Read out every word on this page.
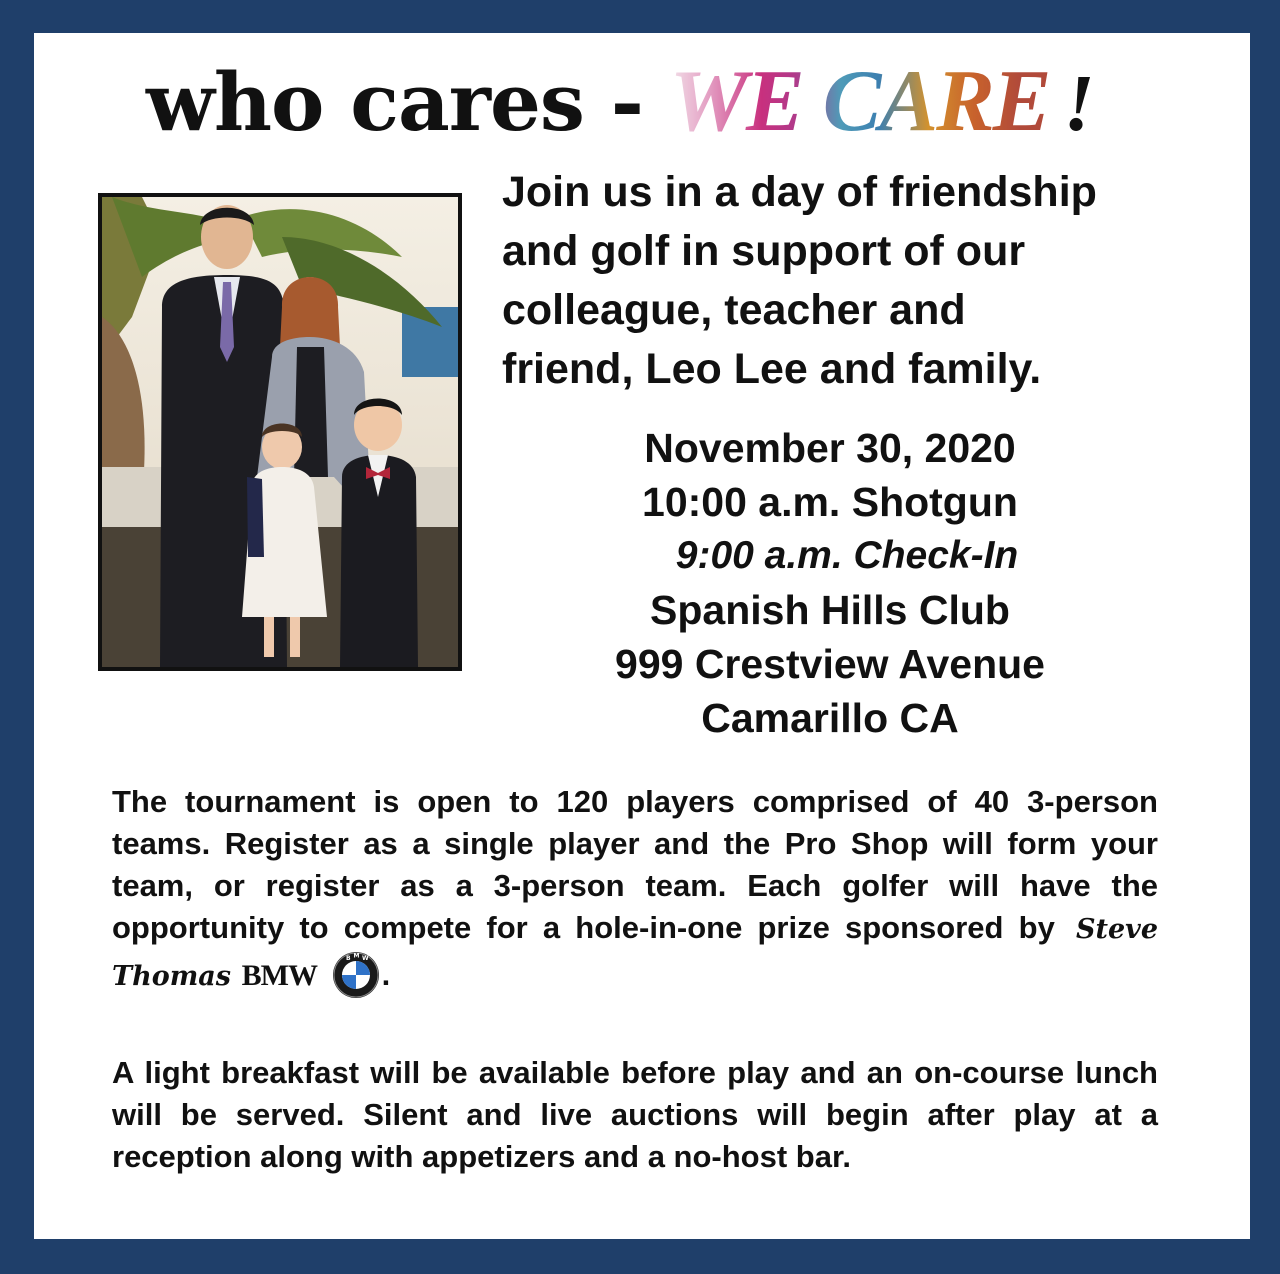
who cares - WE CARE !
Join us in a day of friendship
and golf in support of our
colleague, teacher and
friend, Leo Lee and family.
November 30, 2020
10:00 a.m. Shotgun
9:00 a.m. Check-In
Spanish Hills Club
999 Crestview Avenue
Camarillo CA

The tournament is open to 120 players comprised of 40 3-person teams. Register as a single player and the Pro Shop will form your team, or register as a 3-person team. Each golfer will have the opportunity to compete for a hole-in-one prize sponsored by Steve Thomas BMW
B M W .

A light breakfast will be available before play and an on-course lunch will be served. Silent and live auctions will begin after play at a reception along with appetizers and a no-host bar.
